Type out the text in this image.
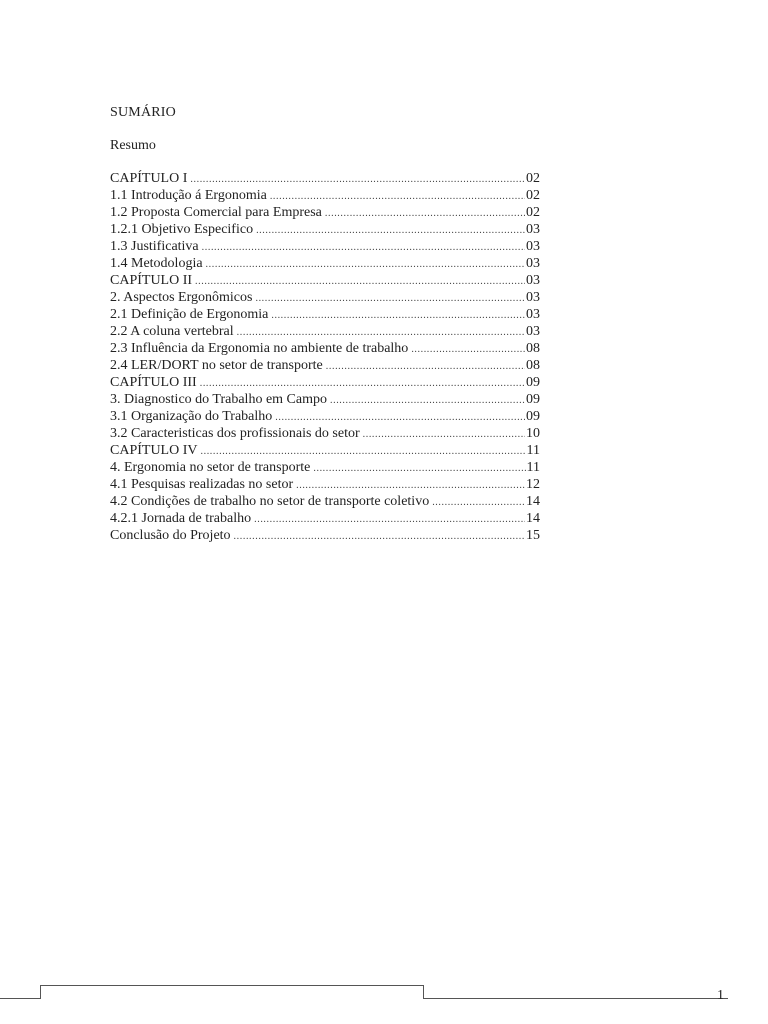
SUMÁRIO
Resumo
CAPÍTULO I .....	02
1.1 Introdução á Ergonomia .....	02
1.2 Proposta Comercial para Empresa .....	02
1.2.1 Objetivo Especifico .....	03
1.3 Justificativa .....	03
1.4 Metodologia .....	03
CAPÍTULO II .....	03
2. Aspectos Ergonômicos .....	03
2.1 Definição de Ergonomia .....	03
2.2 A coluna vertebral .....	03
2.3 Influência da Ergonomia no ambiente de trabalho .....	08
2.4 LER/DORT no setor de transporte .....	08
CAPÍTULO III .....	09
3. Diagnostico do Trabalho em Campo .....	09
3.1 Organização do Trabalho .....	09
3.2 Caracteristicas dos profissionais do setor .....	10
CAPÍTULO IV .....	11
4. Ergonomia no setor de transporte .....	11
4.1 Pesquisas realizadas no setor .....	12
4.2 Condições de trabalho no setor de transporte coletivo .....	14
4.2.1 Jornada de trabalho .....	14
Conclusão do Projeto .....	15
1
